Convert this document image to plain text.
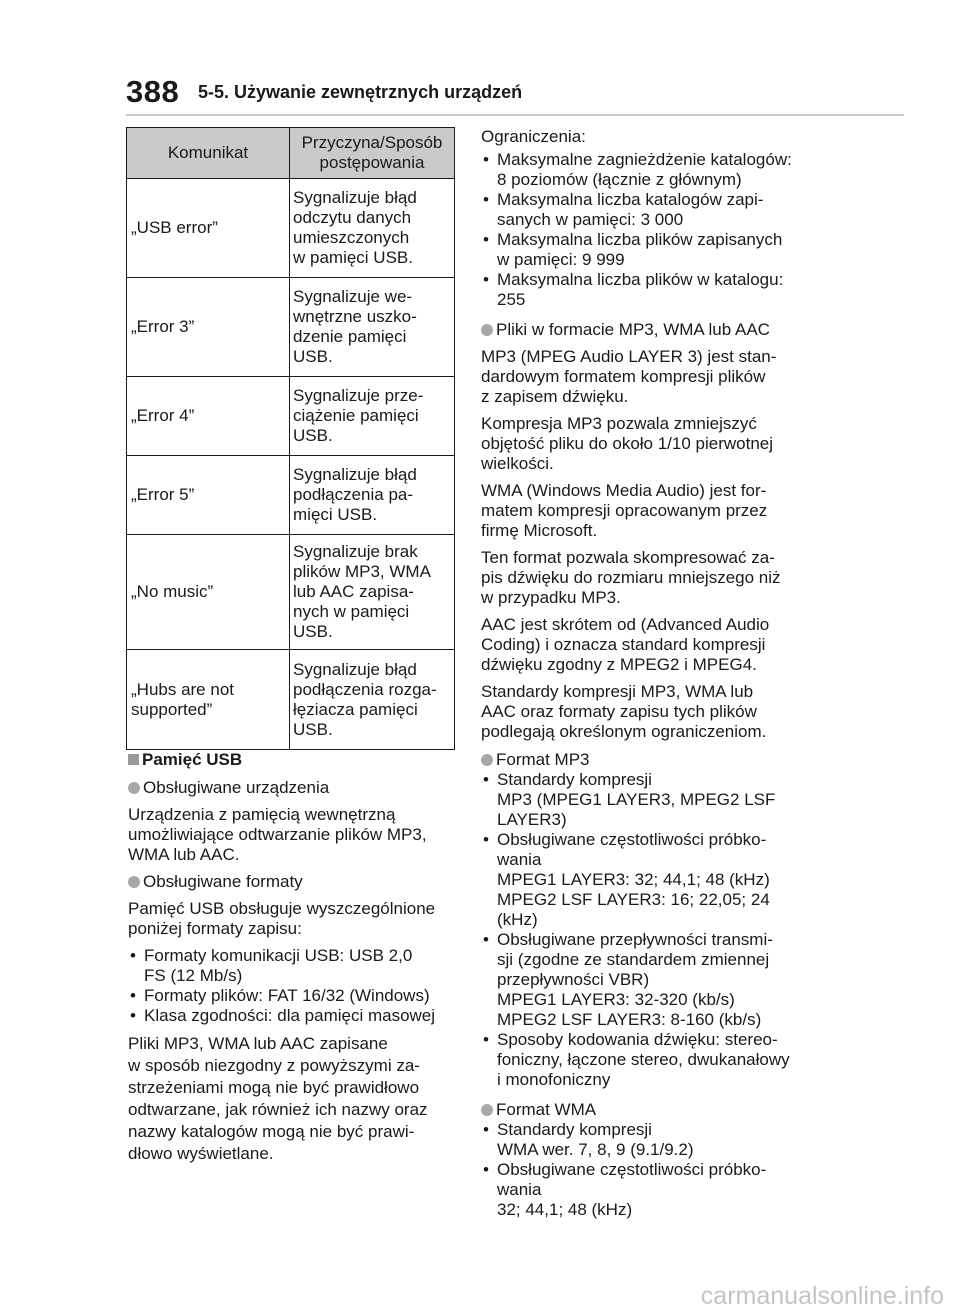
388 5-5. Używanie zewnętrznych urządzeń
Komunikat	Przyczyna/Sposób
postępowania
„USB error”	Sygnalizuje błąd
odczytu danych
umieszczonych
w pamięci USB.
„Error 3”	Sygnalizuje we-
wnętrzne uszko-
dzenie pamięci
USB.
„Error 4”	Sygnalizuje prze-
ciążenie pamięci
USB.
„Error 5”	Sygnalizuje błąd
podłączenia pa-
mięci USB.
„No music”	Sygnalizuje brak
plików MP3, WMA
lub AAC zapisa-
nych w pamięci
USB.
„Hubs are not
supported”	Sygnalizuje błąd
podłączenia rozga-
łęziacza pamięci
USB.
Pamięć USB

Obsługiwane urządzenia

Urządzenia z pamięcią wewnętrzną
umożliwiające odtwarzanie plików MP3,
WMA lub AAC.

Obsługiwane formaty

Pamięć USB obsługuje wyszczególnione
poniżej formaty zapisu:

• Formaty komunikacji USB: USB 2,0
FS (12 Mb/s)
• Formaty plików: FAT 16/32 (Windows)
• Klasa zgodności: dla pamięci masowej

Pliki MP3, WMA lub AAC zapisane
w sposób niezgodny z powyższymi za-
strzeżeniami mogą nie być prawidłowo
odtwarzane, jak również ich nazwy oraz
nazwy katalogów mogą nie być prawi-
dłowo wyświetlane.

Ograniczenia:

• Maksymalne zagnieżdżenie katalogów:
8 poziomów (łącznie z głównym)
• Maksymalna liczba katalogów zapi-
sanych w pamięci: 3 000
• Maksymalna liczba plików zapisanych
w pamięci: 9 999
• Maksymalna liczba plików w katalogu:
255

Pliki w formacie MP3, WMA lub AAC

MP3 (MPEG Audio LAYER 3) jest stan-
dardowym formatem kompresji plików
z zapisem dźwięku.

Kompresja MP3 pozwala zmniejszyć
objętość pliku do około 1/10 pierwotnej
wielkości.

WMA (Windows Media Audio) jest for-
matem kompresji opracowanym przez
firmę Microsoft.

Ten format pozwala skompresować za-
pis dźwięku do rozmiaru mniejszego niż
w przypadku MP3.

AAC jest skrótem od (Advanced Audio
Coding) i oznacza standard kompresji
dźwięku zgodny z MPEG2 i MPEG4.

Standardy kompresji MP3, WMA lub
AAC oraz formaty zapisu tych plików
podlegają określonym ograniczeniom.

Format MP3

• Standardy kompresji
MP3 (MPEG1 LAYER3, MPEG2 LSF
LAYER3)
• Obsługiwane częstotliwości próbko-
wania
MPEG1 LAYER3: 32; 44,1; 48 (kHz)
MPEG2 LSF LAYER3: 16; 22,05; 24
(kHz)
• Obsługiwane przepływności transmi-
sji (zgodne ze standardem zmiennej
przepływności VBR)
MPEG1 LAYER3: 32-320 (kb/s)
MPEG2 LSF LAYER3: 8-160 (kb/s)
• Sposoby kodowania dźwięku: stereo-
foniczny, łączone stereo, dwukanałowy
i monofoniczny

Format WMA

• Standardy kompresji
WMA wer. 7, 8, 9 (9.1/9.2)
• Obsługiwane częstotliwości próbko-
wania
32; 44,1; 48 (kHz)
carmanualsonline.info
